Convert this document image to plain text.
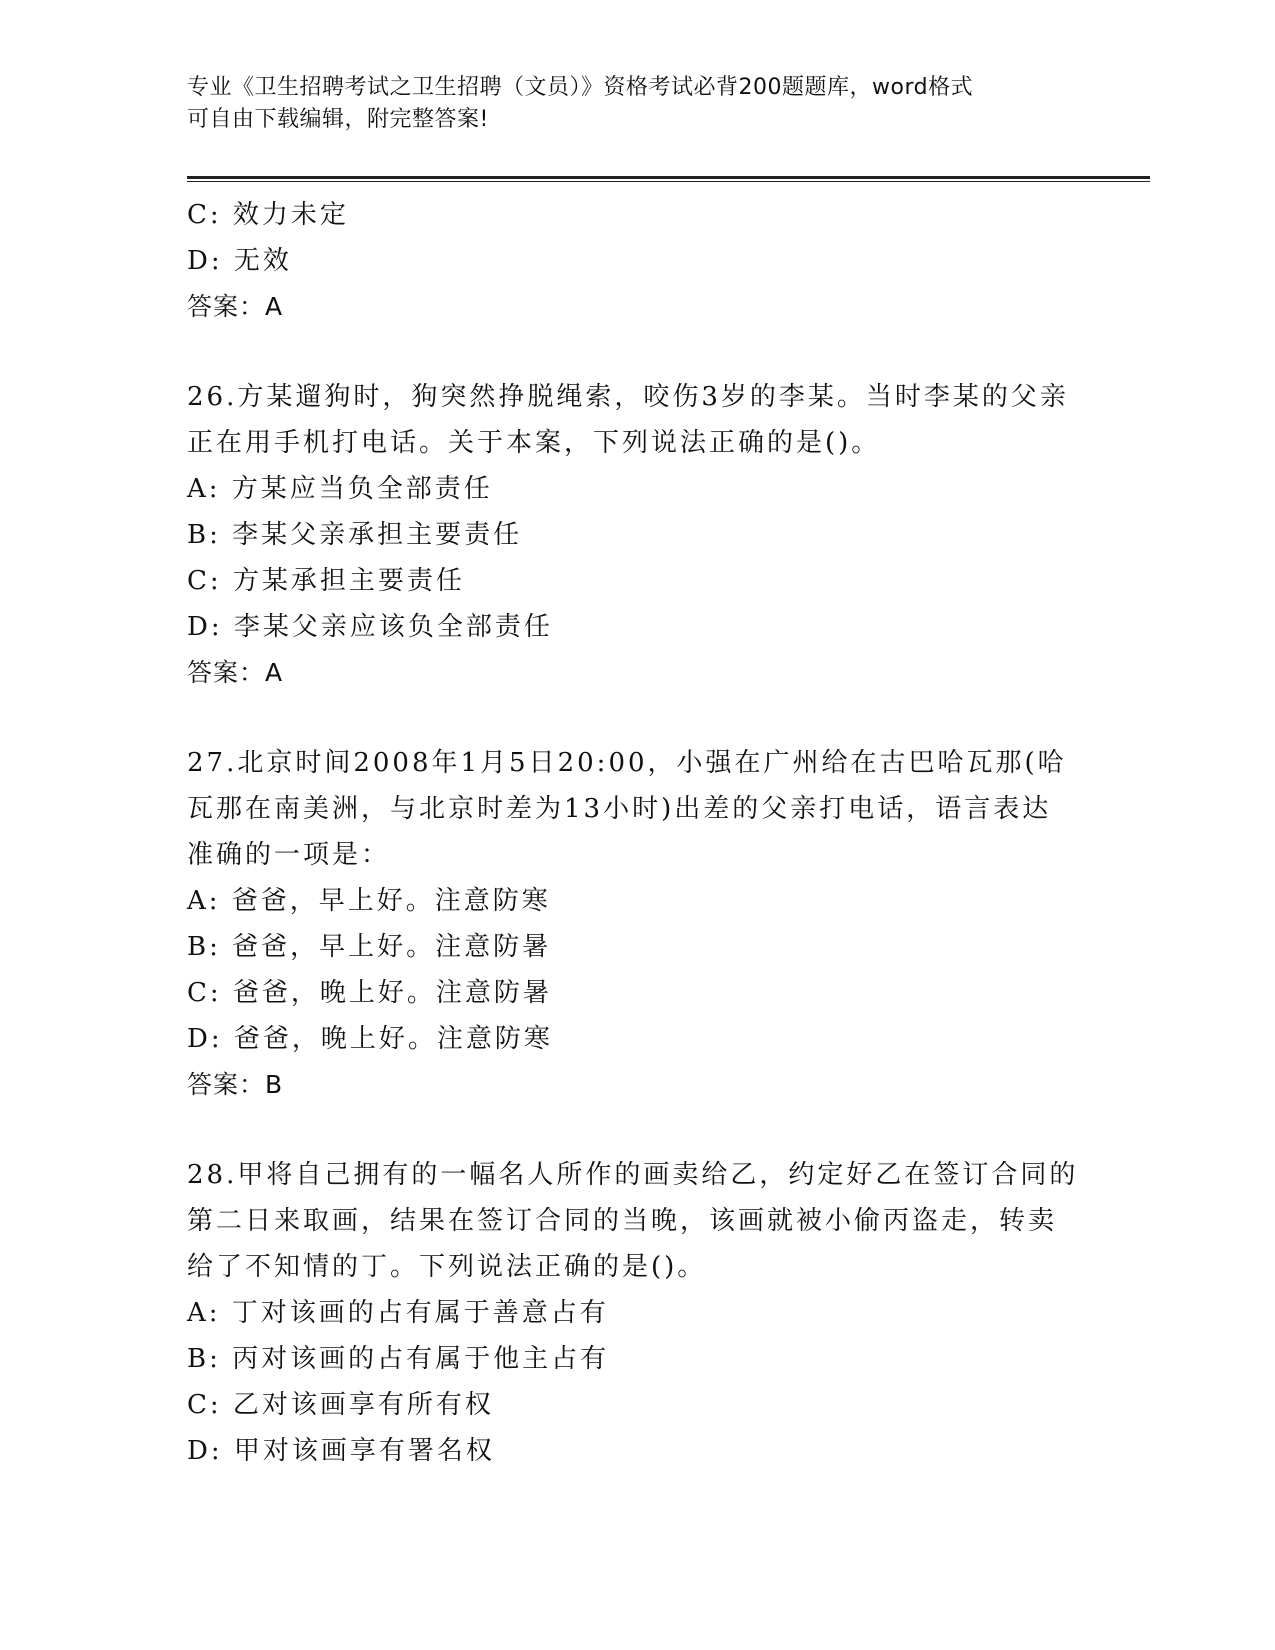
专业《卫生招聘考试之卫生招聘（文员）》资格考试必背200题题库，word格式
可自由下载编辑，附完整答案!

C: 效力未定

D: 无效

答案：A

26.方某遛狗时，狗突然挣脱绳索，咬伤3岁的李某。当时李某的父亲

正在用手机打电话。关于本案，下列说法正确的是()。

A: 方某应当负全部责任

B: 李某父亲承担主要责任

C: 方某承担主要责任

D: 李某父亲应该负全部责任

答案：A

27.北京时间2008年1月5日20:00，小强在广州给在古巴哈瓦那(哈

瓦那在南美洲，与北京时差为13小时)出差的父亲打电话，语言表达

准确的一项是：

A: 爸爸，早上好。注意防寒

B: 爸爸，早上好。注意防暑

C: 爸爸，晚上好。注意防暑

D: 爸爸，晚上好。注意防寒

答案：B

28.甲将自己拥有的一幅名人所作的画卖给乙，约定好乙在签订合同的

第二日来取画，结果在签订合同的当晚，该画就被小偷丙盗走，转卖

给了不知情的丁。下列说法正确的是()。

A: 丁对该画的占有属于善意占有

B: 丙对该画的占有属于他主占有

C: 乙对该画享有所有权

D: 甲对该画享有署名权
